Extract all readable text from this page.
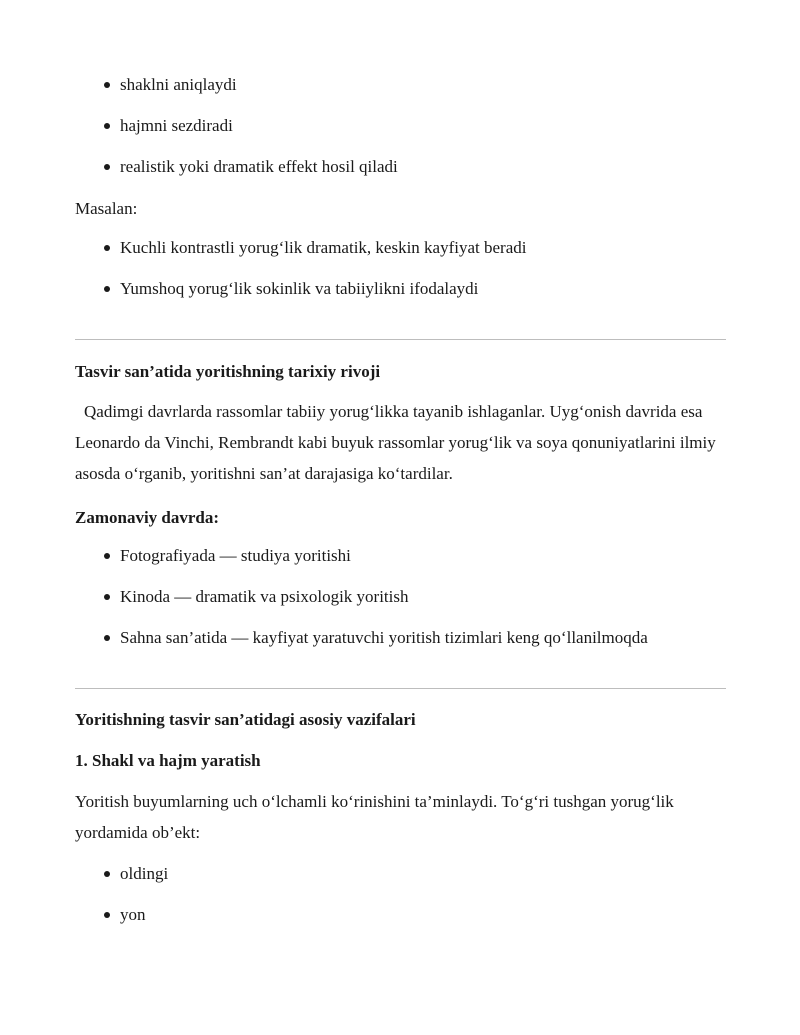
shaklni aniqlaydi
hajmni sezdiradi
realistik yoki dramatik effekt hosil qiladi

Masalan:

Kuchli kontrastli yorug‘lik dramatik, keskin kayfiyat beradi
Yumshoq yorug‘lik sokinlik va tabiiylikni ifodalaydi

Tasvir san’atida yoritishning tarixiy rivoji

Qadimgi davrlarda rassomlar tabiiy yorug‘likka tayanib ishlaganlar. Uyg‘onish davrida esa Leonardo da Vinchi, Rembrandt kabi buyuk rassomlar yorug‘lik va soya qonuniyatlarini ilmiy asosda o‘rganib, yoritishni san’at darajasiga ko‘tardilar.

Zamonaviy davrda:

Fotografiyada — studiya yoritishi
Kinoda — dramatik va psixologik yoritish
Sahna san’atida — kayfiyat yaratuvchi yoritish tizimlari keng qo‘llanilmoqda

Yoritishning tasvir san’atidagi asosiy vazifalari

1. Shakl va hajm yaratish

Yoritish buyumlarning uch o‘lchamli ko‘rinishini ta’minlaydi. To‘g‘ri tushgan yorug‘lik yordamida ob’ekt:

oldingi
yon
